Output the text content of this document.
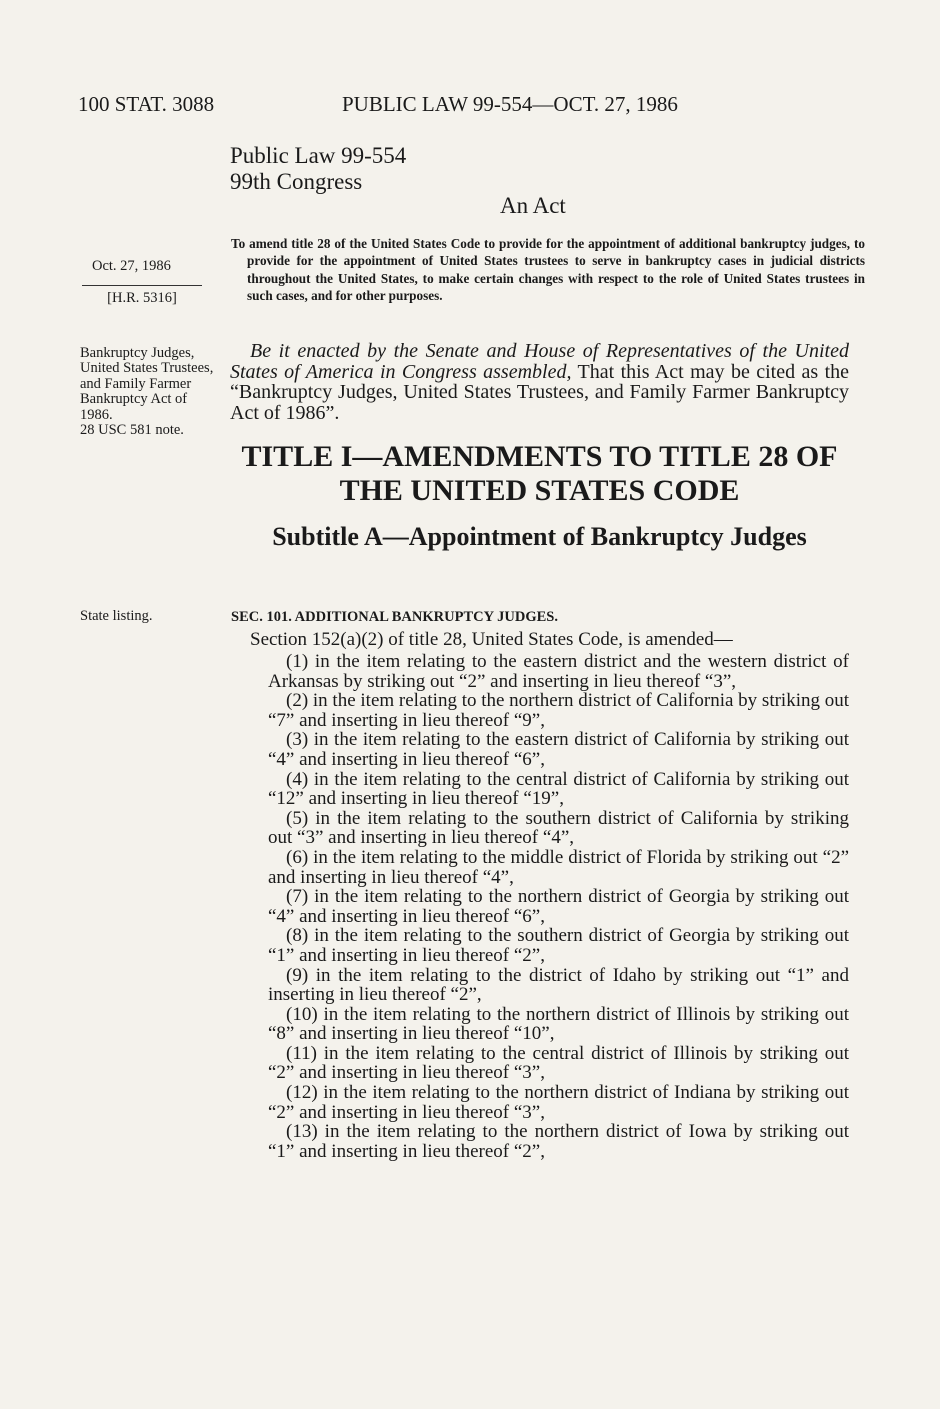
100 STAT. 3088	PUBLIC LAW 99-554—OCT. 27, 1986
Public Law 99-554
99th Congress
An Act
To amend title 28 of the United States Code to provide for the appointment of additional bankruptcy judges, to provide for the appointment of United States trustees to serve in bankruptcy cases in judicial districts throughout the United States, to make certain changes with respect to the role of United States trustees in such cases, and for other purposes.
Oct. 27, 1986
[H.R. 5316]
Bankruptcy Judges, United States Trustees, and Family Farmer Bankruptcy Act of 1986.
28 USC 581 note.
State listing.
Be it enacted by the Senate and House of Representatives of the United States of America in Congress assembled, That this Act may be cited as the “Bankruptcy Judges, United States Trustees, and Family Farmer Bankruptcy Act of 1986”.
TITLE I—AMENDMENTS TO TITLE 28 OF THE UNITED STATES CODE
Subtitle A—Appointment of Bankruptcy Judges
SEC. 101. ADDITIONAL BANKRUPTCY JUDGES.
Section 152(a)(2) of title 28, United States Code, is amended—

(1) in the item relating to the eastern district and the western district of Arkansas by striking out “2” and inserting in lieu thereof “3”,

(2) in the item relating to the northern district of California by striking out “7” and inserting in lieu thereof “9”,

(3) in the item relating to the eastern district of California by striking out “4” and inserting in lieu thereof “6”,

(4) in the item relating to the central district of California by striking out “12” and inserting in lieu thereof “19”,

(5) in the item relating to the southern district of California by striking out “3” and inserting in lieu thereof “4”,

(6) in the item relating to the middle district of Florida by striking out “2” and inserting in lieu thereof “4”,

(7) in the item relating to the northern district of Georgia by striking out “4” and inserting in lieu thereof “6”,

(8) in the item relating to the southern district of Georgia by striking out “1” and inserting in lieu thereof “2”,

(9) in the item relating to the district of Idaho by striking out “1” and inserting in lieu thereof “2”,

(10) in the item relating to the northern district of Illinois by striking out “8” and inserting in lieu thereof “10”,

(11) in the item relating to the central district of Illinois by striking out “2” and inserting in lieu thereof “3”,

(12) in the item relating to the northern district of Indiana by striking out “2” and inserting in lieu thereof “3”,

(13) in the item relating to the northern district of Iowa by striking out “1” and inserting in lieu thereof “2”,
